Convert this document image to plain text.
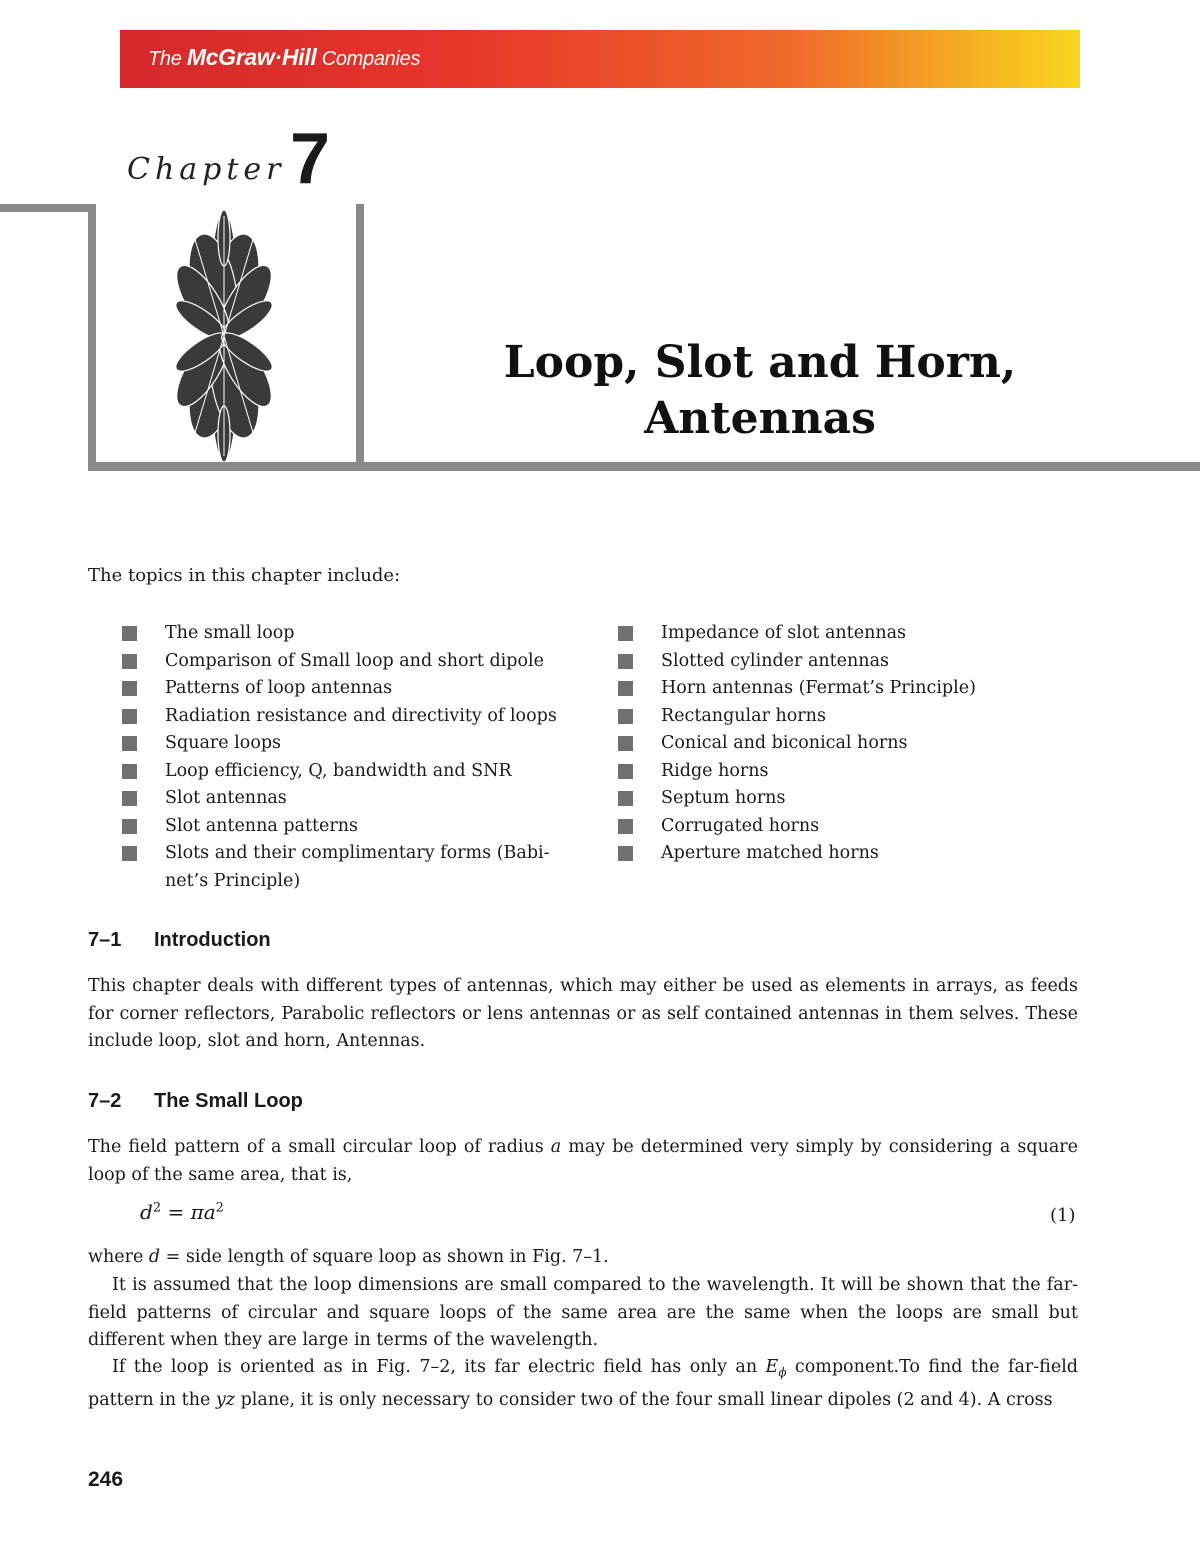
The McGraw·Hill Companies
Chapter 7
Loop, Slot and Horn,
Antennas
The topics in this chapter include:
The small loop
Comparison of Small loop and short dipole
Patterns of loop antennas
Radiation resistance and directivity of loops
Square loops
Loop efficiency, Q, bandwidth and SNR
Slot antennas
Slot antenna patterns
Slots and their complimentary forms (Babi-net’s Principle)
Impedance of slot antennas
Slotted cylinder antennas
Horn antennas (Fermat’s Principle)
Rectangular horns
Conical and biconical horns
Ridge horns
Septum horns
Corrugated horns
Aperture matched horns
7–1 Introduction
This chapter deals with different types of antennas, which may either be used as elements in arrays, as feeds for corner reflectors, Parabolic reflectors or lens antennas or as self contained antennas in them selves. These include loop, slot and horn, Antennas.
7–2 The Small Loop
The field pattern of a small circular loop of radius a may be determined very simply by considering a square loop of the same area, that is,
$d^2 = \pi a^2$	(1)
where d = side length of square loop as shown in Fig. 7–1.
It is assumed that the loop dimensions are small compared to the wavelength. It will be shown that the far-field patterns of circular and square loops of the same area are the same when the loops are small but different when they are large in terms of the wavelength.
If the loop is oriented as in Fig. 7–2, its far electric field has only an $E_\phi$ component.To find the far-field pattern in the yz plane, it is only necessary to consider two of the four small linear dipoles (2 and 4). A cross
246
